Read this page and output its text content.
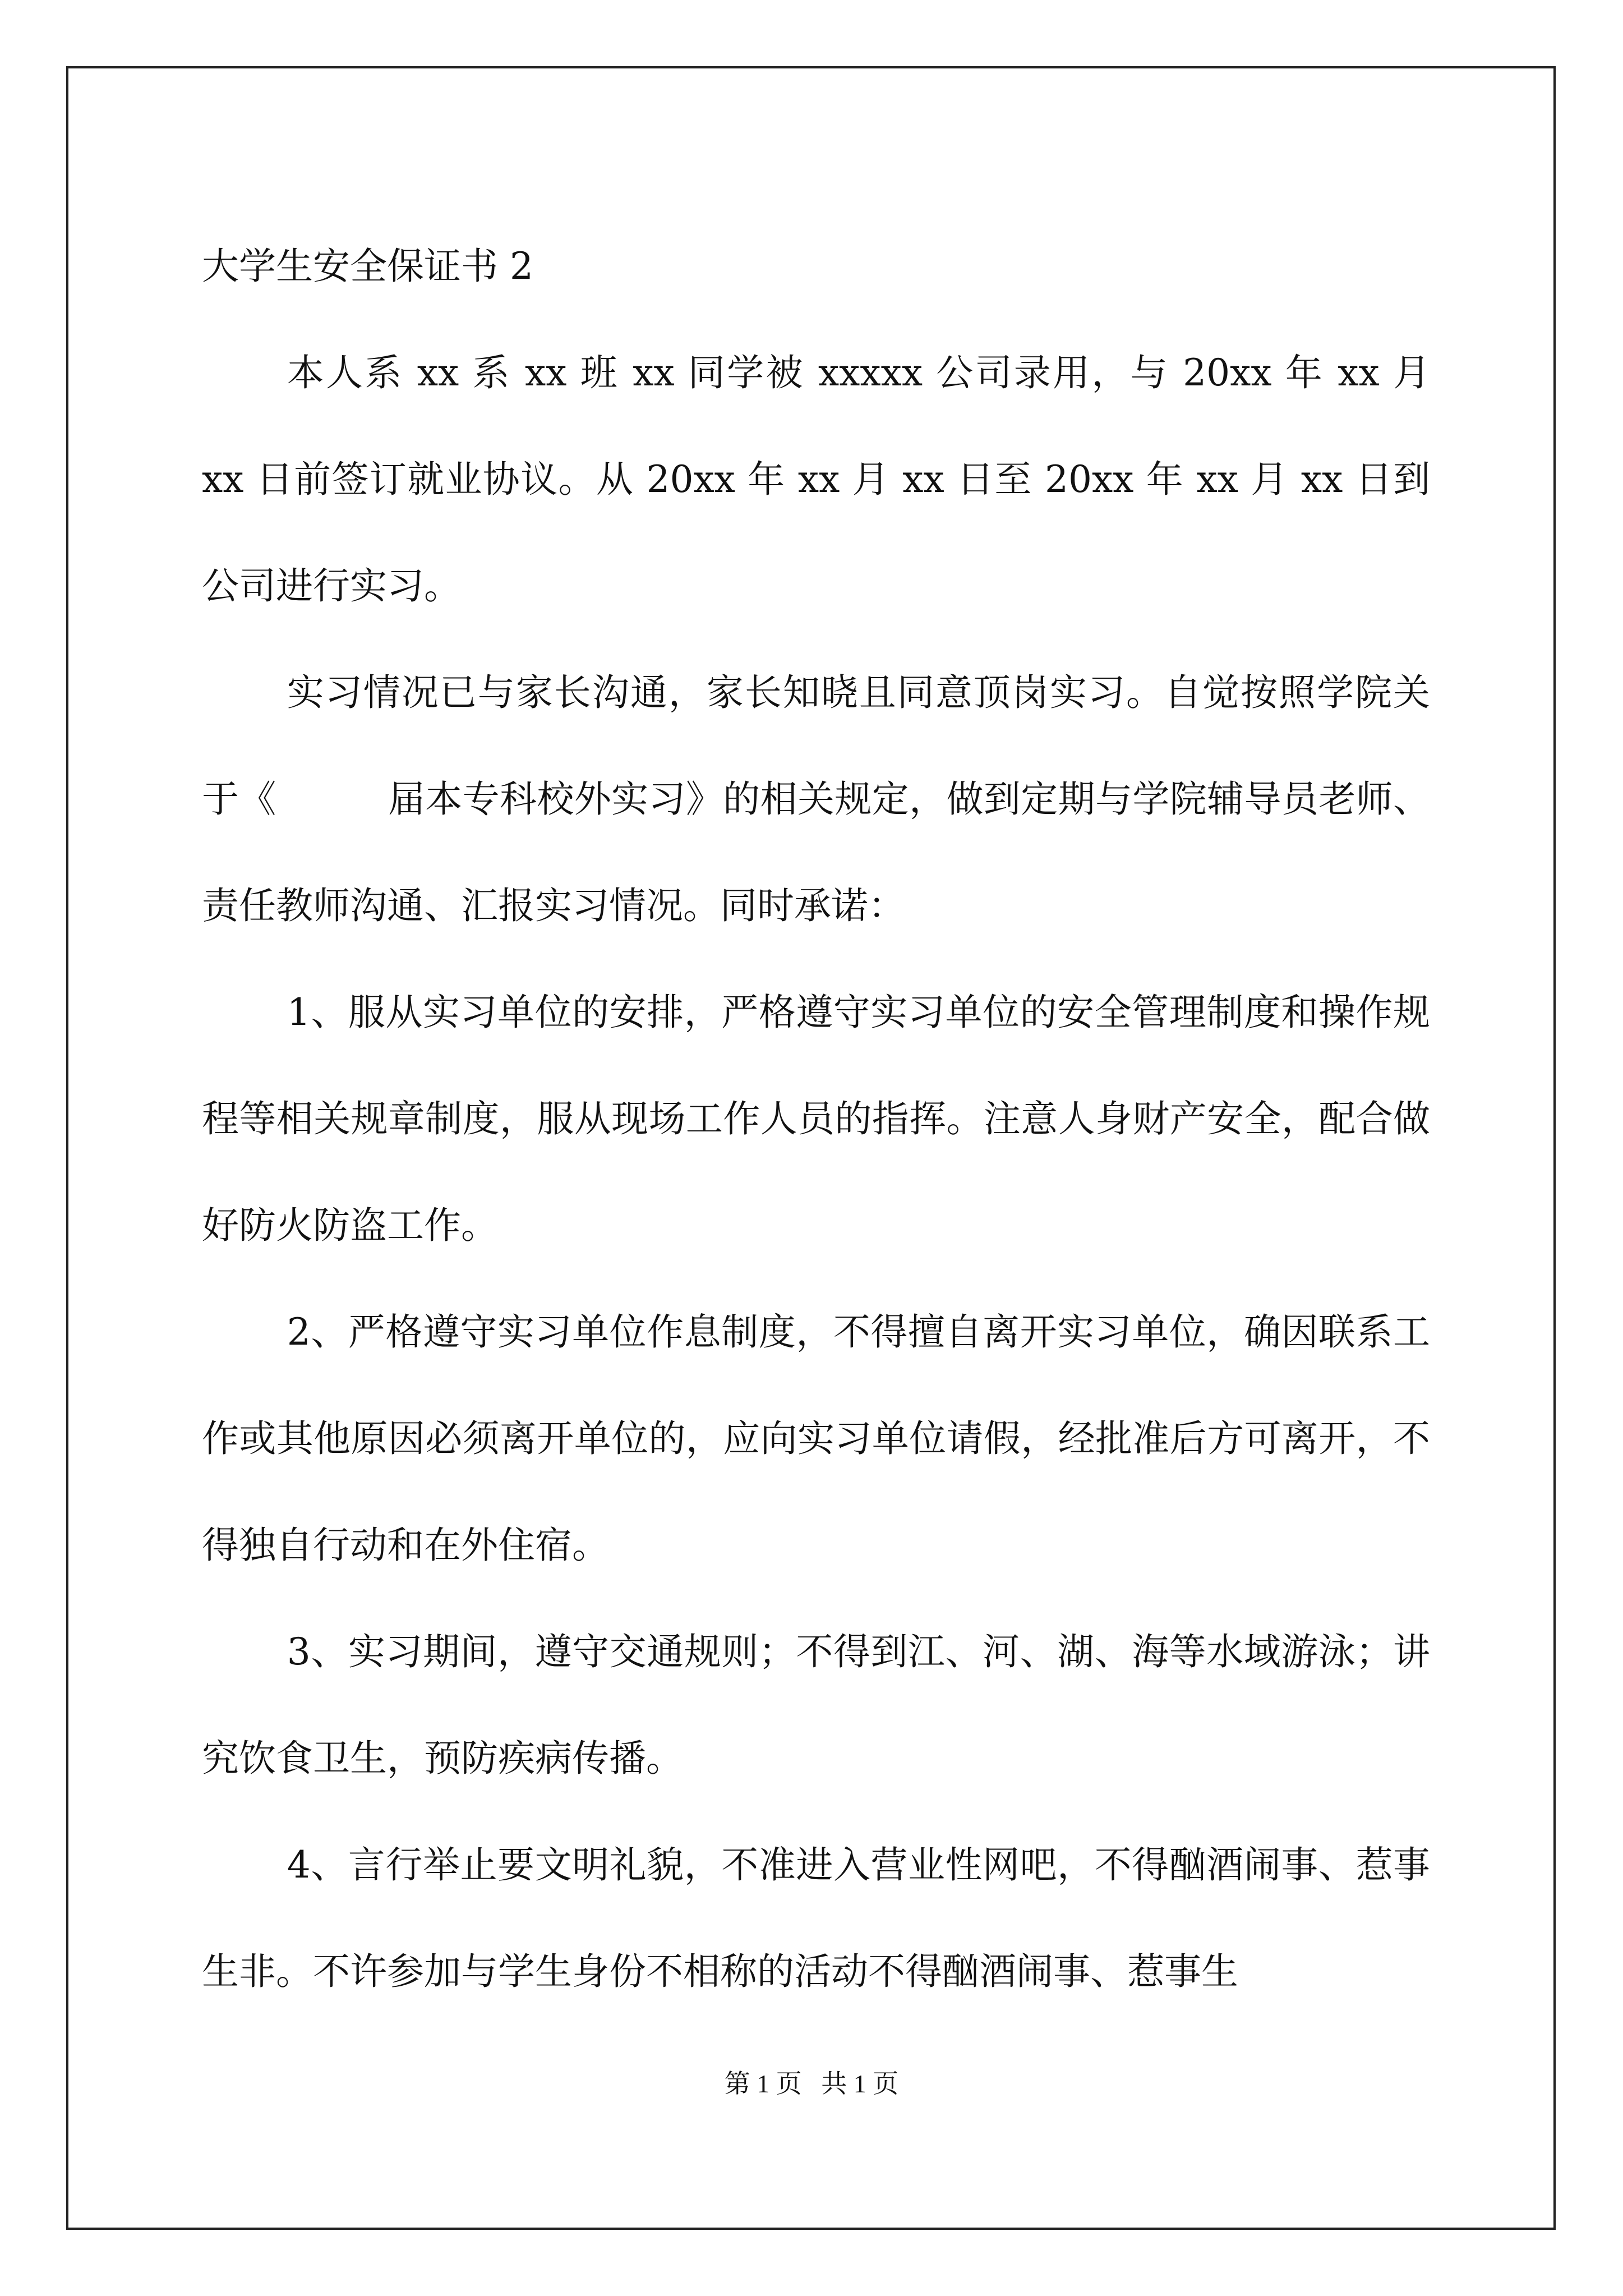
大学生安全保证书 2

本人系 xx 系 xx 班 xx 同学被 xxxxx 公司录用，与 20xx 年 xx 月 xx 日前签订就业协议。从 20xx 年 xx 月 xx 日至 20xx 年 xx 月 xx 日到公司进行实习。

实习情况已与家长沟通，家长知晓且同意顶岗实习。自觉按照学院关于《　　　届本专科校外实习》的相关规定，做到定期与学院辅导员老师、责任教师沟通、汇报实习情况。同时承诺：

1、服从实习单位的安排，严格遵守实习单位的安全管理制度和操作规程等相关规章制度，服从现场工作人员的指挥。注意人身财产安全，配合做好防火防盗工作。

2、严格遵守实习单位作息制度，不得擅自离开实习单位，确因联系工作或其他原因必须离开单位的，应向实习单位请假，经批准后方可离开，不得独自行动和在外住宿。

3、实习期间，遵守交通规则；不得到江、河、湖、海等水域游泳；讲究饮食卫生，预防疾病传播。

4、言行举止要文明礼貌，不准进入营业性网吧，不得酗酒闹事、惹事生非。不许参加与学生身份不相称的活动不得酗酒闹事、惹事生

第 1 页   共 1 页
